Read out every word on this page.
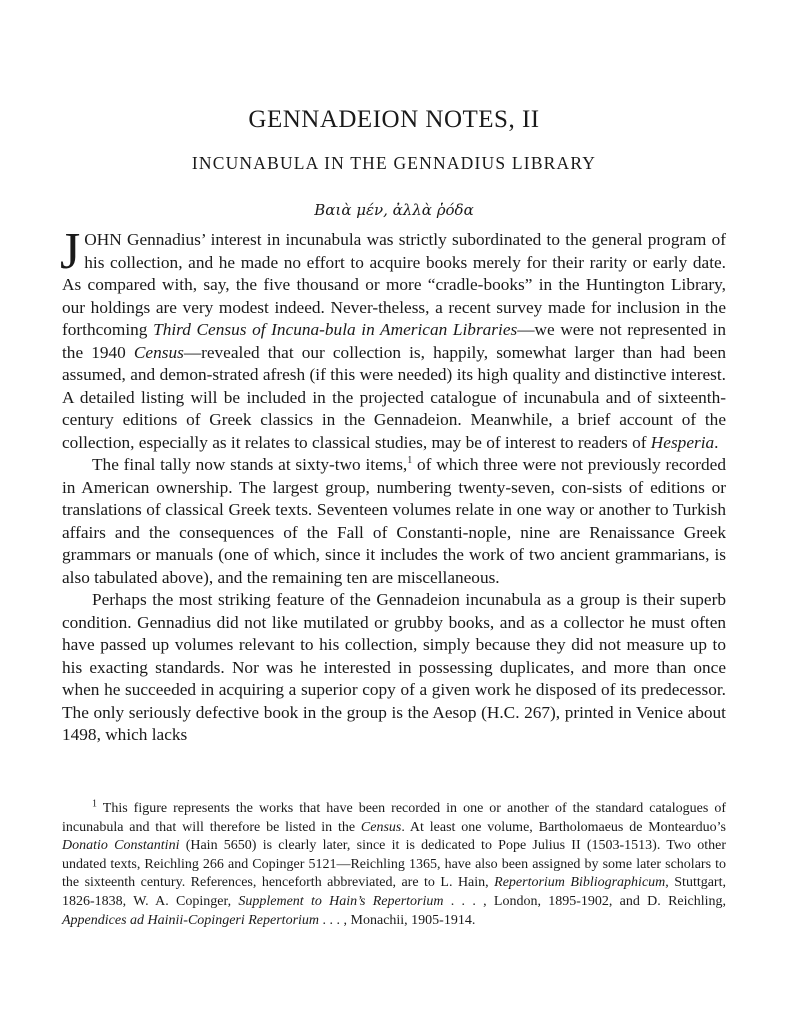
GENNADEION NOTES, II
INCUNABULA IN THE GENNADIUS LIBRARY

Βαιὰ μέν, ἀλλὰ ῥόδα

JOHN Gennadius’ interest in incunabula was strictly subordinated to the general program of his collection, and he made no effort to acquire books merely for their rarity or early date. As compared with, say, the five thousand or more “cradle-books” in the Huntington Library, our holdings are very modest indeed. Never-theless, a recent survey made for inclusion in the forthcoming Third Census of Incuna-bula in American Libraries—we were not represented in the 1940 Census—revealed that our collection is, happily, somewhat larger than had been assumed, and demon-strated afresh (if this were needed) its high quality and distinctive interest. A detailed listing will be included in the projected catalogue of incunabula and of sixteenth-century editions of Greek classics in the Gennadeion. Meanwhile, a brief account of the collection, especially as it relates to classical studies, may be of interest to readers of Hesperia.

The final tally now stands at sixty-two items,$^1$ of which three were not previously recorded in American ownership. The largest group, numbering twenty-seven, con-sists of editions or translations of classical Greek texts. Seventeen volumes relate in one way or another to Turkish affairs and the consequences of the Fall of Constanti-nople, nine are Renaissance Greek grammars or manuals (one of which, since it includes the work of two ancient grammarians, is also tabulated above), and the remaining ten are miscellaneous.

Perhaps the most striking feature of the Gennadeion incunabula as a group is their superb condition. Gennadius did not like mutilated or grubby books, and as a collector he must often have passed up volumes relevant to his collection, simply because they did not measure up to his exacting standards. Nor was he interested in possessing duplicates, and more than once when he succeeded in acquiring a superior copy of a given work he disposed of its predecessor. The only seriously defective book in the group is the Aesop (H.C. 267), printed in Venice about 1498, which lacks

$^1$ This figure represents the works that have been recorded in one or another of the standard catalogues of incunabula and that will therefore be listed in the Census. At least one volume, Bartholomaeus de Montearduo’s Donatio Constantini (Hain 5650) is clearly later, since it is dedicated to Pope Julius II (1503-1513). Two other undated texts, Reichling 266 and Copinger 5121—Reichling 1365, have also been assigned by some later scholars to the sixteenth century. References, henceforth abbreviated, are to L. Hain, Repertorium Bibliographicum, Stuttgart, 1826-1838, W. A. Copinger, Supplement to Hain’s Repertorium . . . , London, 1895-1902, and D. Reichling, Appendices ad Hainii-Copingeri Repertorium . . . , Monachii, 1905-1914.
